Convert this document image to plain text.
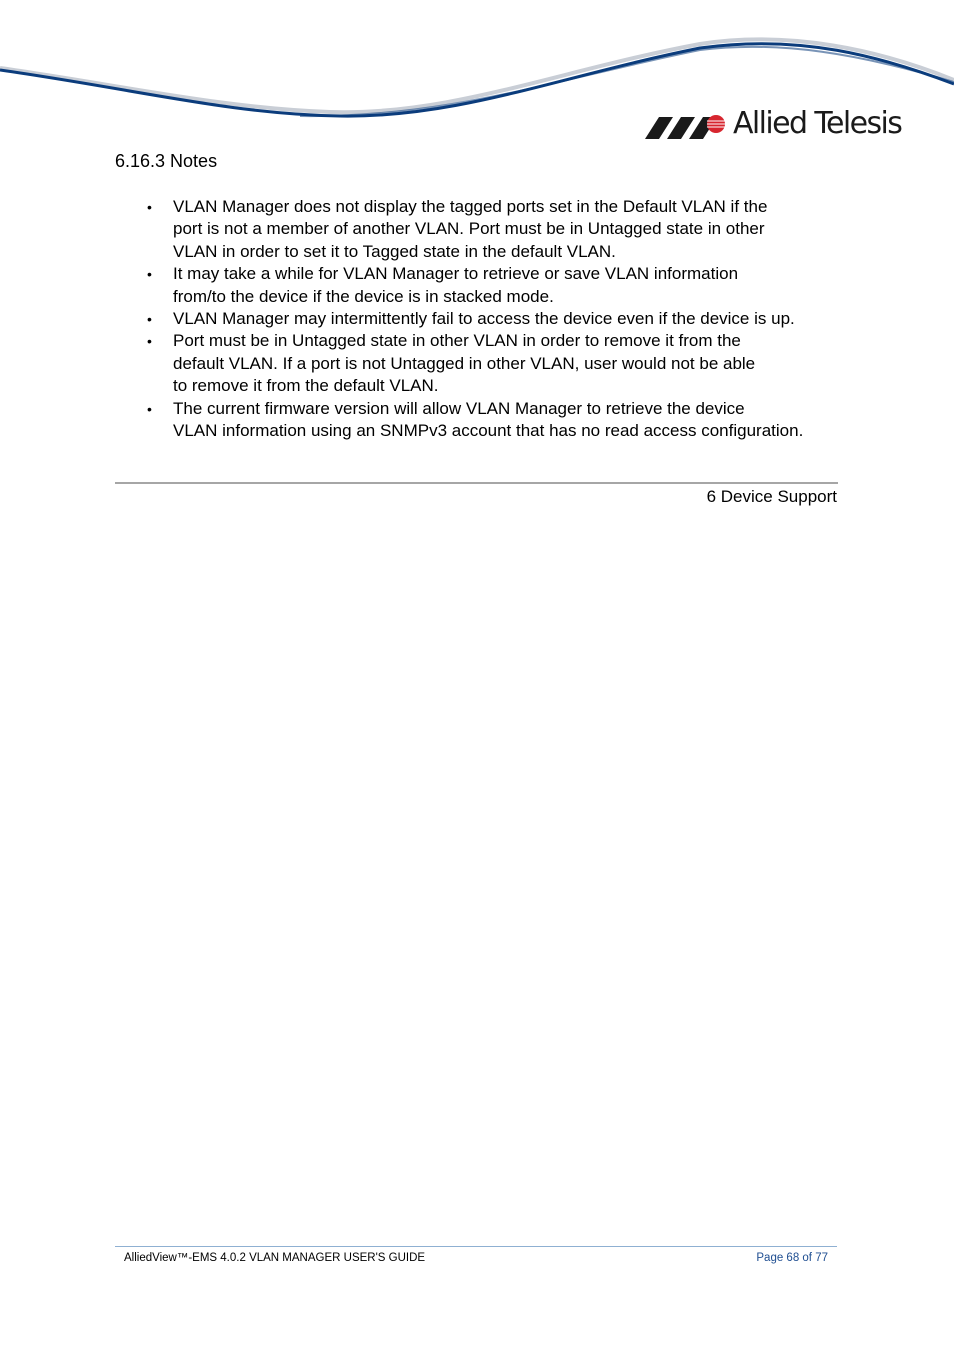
Allied Telesis
6.16.3 Notes
• VLAN Manager does not display the tagged ports set in the Default VLAN if the
port is not a member of another VLAN. Port must be in Untagged state in other
VLAN in order to set it to Tagged state in the default VLAN.
• It may take a while for VLAN Manager to retrieve or save VLAN information
from/to the device if the device is in stacked mode.
• VLAN Manager may intermittently fail to access the device even if the device is up.
• Port must be in Untagged state in other VLAN in order to remove it from the
default VLAN. If a port is not Untagged in other VLAN, user would not be able
to remove it from the default VLAN.
• The current firmware version will allow VLAN Manager to retrieve the device
VLAN information using an SNMPv3 account that has no read access configuration.
6 Device Support
AlliedView™-EMS 4.0.2 VLAN MANAGER USER'S GUIDE	Page 68 of 77
